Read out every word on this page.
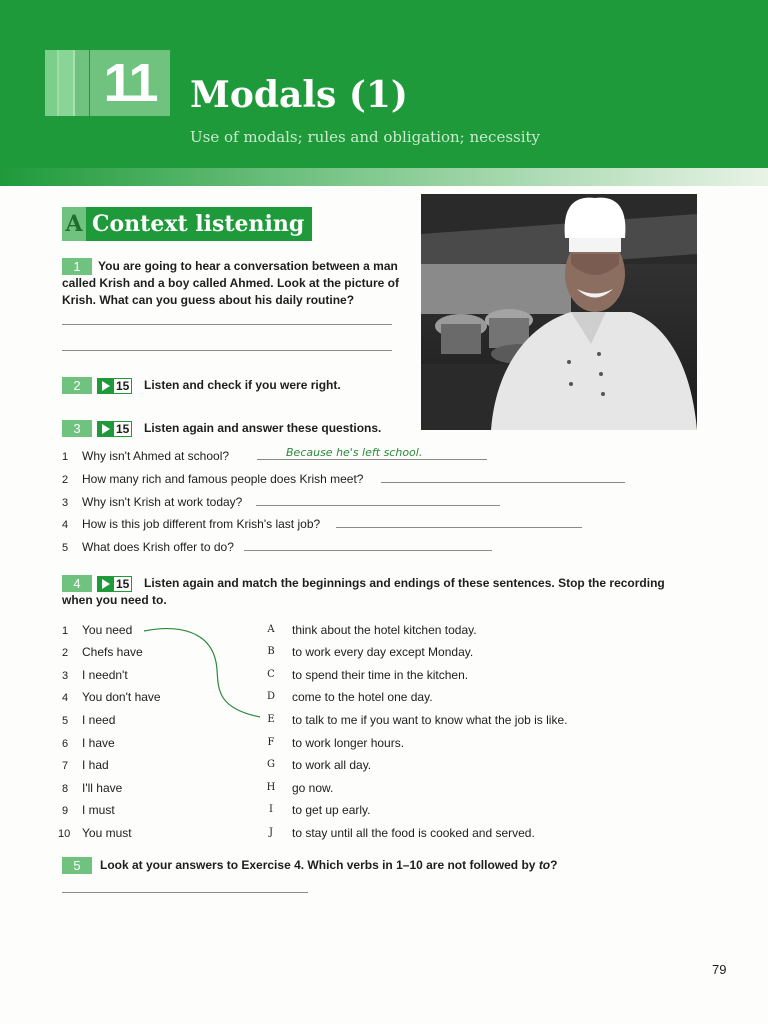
11 Modals (1)
Use of modals; rules and obligation; necessity
A Context listening
1	You are going to hear a conversation between a man called Krish and a boy called Ahmed. Look at the picture of Krish. What can you guess about his daily routine?
2	15 Listen and check if you were right.
3	15 Listen again and answer these questions.
1 Why isn't Ahmed at school?	Because he's left school.
2 How many rich and famous people does Krish meet?
3 Why isn't Krish at work today?
4 How is this job different from Krish's last job?
5 What does Krish offer to do?
4	15	Listen again and match the beginnings and endings of these sentences. Stop the recording when you need to.
1 You need
2 Chefs have
3 I needn't
4 You don't have
5 I need
6 I have
7 I had
8 I'll have
9 I must
10 You must
A think about the hotel kitchen today.
B to work every day except Monday.
C to spend their time in the kitchen.
D come to the hotel one day.
E to talk to me if you want to know what the job is like.
F to work longer hours.
G to work all day.
H go now.
I	to get up early.
J	to stay until all the food is cooked and served.
5	Look at your answers to Exercise 4. Which verbs in 1–10 are not followed by to?
79
